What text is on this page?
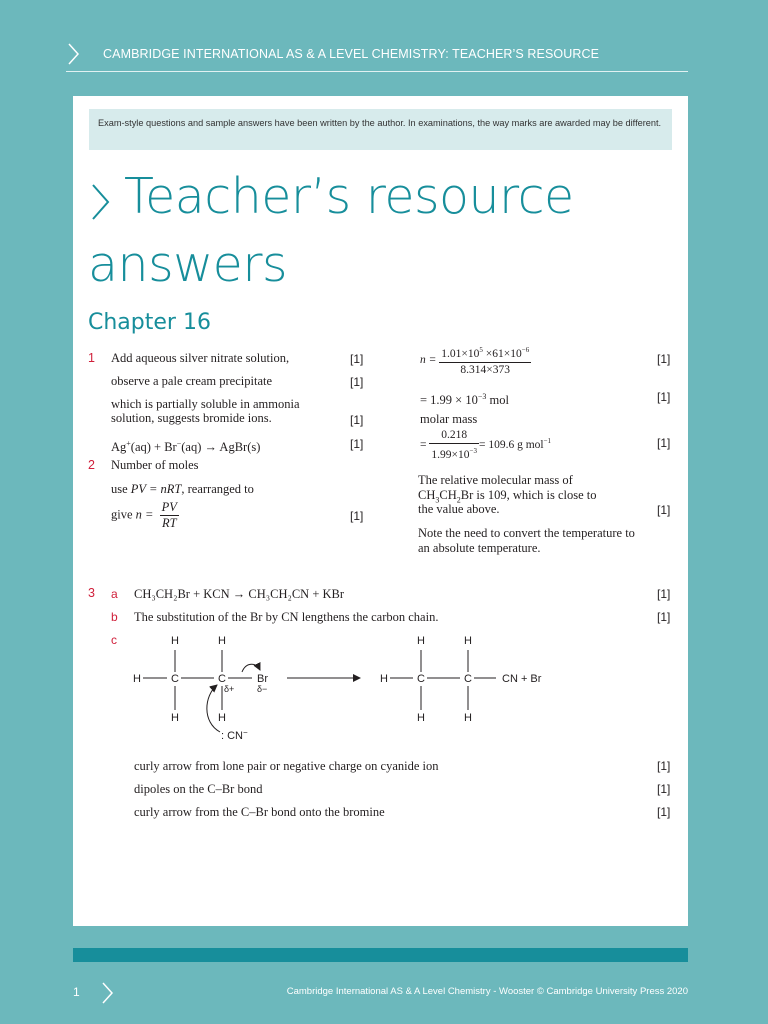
CAMBRIDGE INTERNATIONAL AS & A LEVEL CHEMISTRY: TEACHER’S RESOURCE
Exam-style questions and sample answers have been written by the author. In examinations, the way marks are awarded may be different.
Teacher’s resource
answers
Chapter 16
1 Add aqueous silver nitrate solution,	[1]
observe a pale cream precipitate	[1]
which is partially soluble in ammonia
solution, suggests bromide ions.	[1]
Ag+(aq) + Br−(aq) → AgBr(s)	[1]
2 Number of moles
use PV = nRT, rearranged to
give $n = \frac{PV}{RT}$	[1]
$n = \frac{1.01\times 10^5 \times 61\times 10^{-6}}{8.314\times 373}$	[1]
= $1.99 \times 10^{-3}$ mol	[1]
molar mass
= $\frac{0.218}{1.99\times 10^{-3}} = 109.6$ g mol$^{-1}$	[1]
The relative molecular mass of
$CH_3CH_2Br$ is 109, which is close to
the value above.	[1]
Note the need to convert the temperature to
an absolute temperature.
3 a CH₃CH₂Br + KCN → CH₃CH₂CN + KBr	[1]
b The substitution of the Br by CN lengthens the carbon chain.	[1]
c	H	H
H	C	C	Br
δ+	δ−
H	H
: CN−
H	H
H	C	C	CN + Br
H	H
curly arrow from lone pair or negative charge on cyanide ion	[1]
dipoles on the C–Br bond	[1]
curly arrow from the C–Br bond onto the bromine	[1]
1	Cambridge International AS & A Level Chemistry - Wooster © Cambridge University Press 2020
